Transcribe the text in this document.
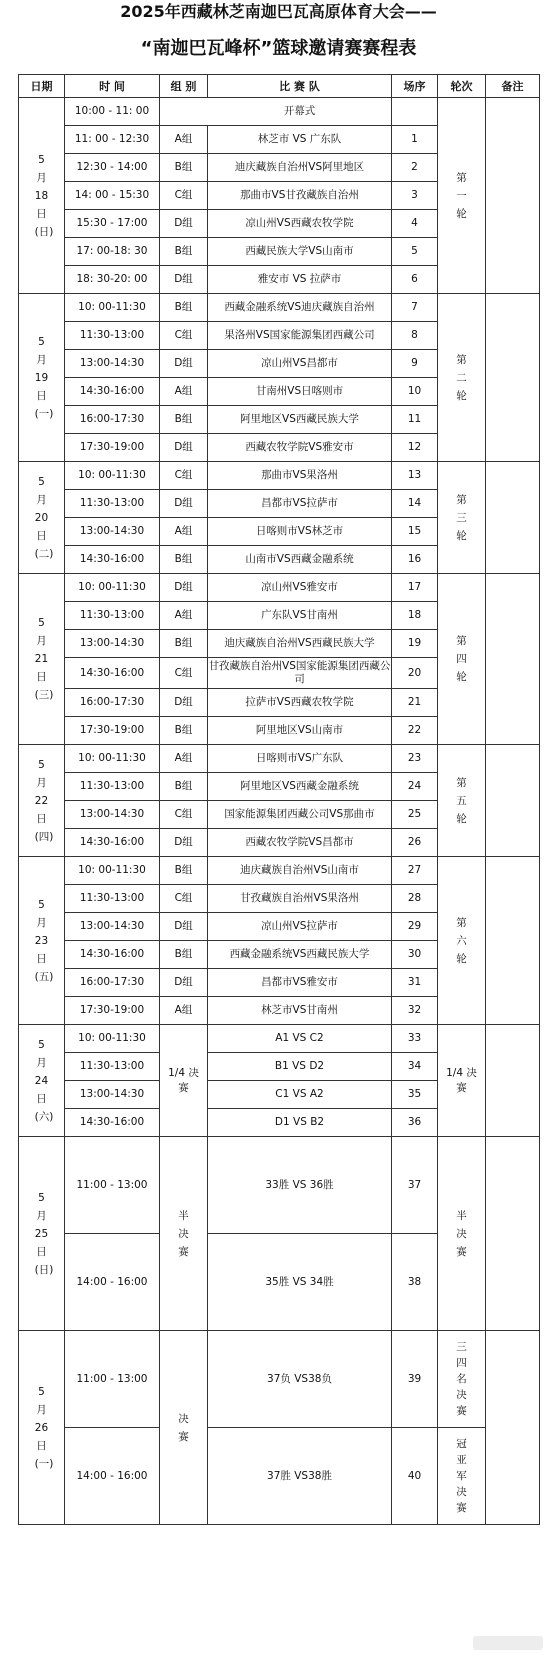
2025年西藏林芝南迦巴瓦高原体育大会——
“南迦巴瓦峰杯”篮球邀请赛赛程表
日期	时 间	组 别	比 赛 队	场序	轮次	备注
5 月 18 日 (日)	10:00 - 11: 00		开幕式		第 一 轮	
	11: 00 - 12:30	A组	林芝市 VS 广东队	1		
	12:30 - 14:00	B组	迪庆藏族自治州VS阿里地区	2		
	14: 00 - 15:30	C组	那曲市VS甘孜藏族自治州	3		
	15:30 - 17:00	D组	凉山州VS西藏农牧学院	4		
	17: 00-18: 30	B组	西藏民族大学VS山南市	5		
	18: 30-20: 00	D组	雅安市 VS 拉萨市	6		
5 月 19 日 (一)	10: 00-11:30	B组	西藏金融系统VS迪庆藏族自治州	7	第 二 轮	
	11:30-13:00	C组	果洛州VS国家能源集团西藏公司	8		
	13:00-14:30	D组	凉山州VS昌都市	9		
	14:30-16:00	A组	甘南州VS日喀则市	10		
	16:00-17:30	B组	阿里地区VS西藏民族大学	11		
	17:30-19:00	D组	西藏农牧学院VS雅安市	12		
5 月 20 日 (二)	10: 00-11:30	C组	那曲市VS果洛州	13	第 三 轮	
	11:30-13:00	D组	昌都市VS拉萨市	14		
	13:00-14:30	A组	日喀则市VS林芝市	15		
	14:30-16:00	B组	山南市VS西藏金融系统	16		
5 月 21 日 (三)	10: 00-11:30	D组	凉山州VS雅安市	17	第 四 轮	
	11:30-13:00	A组	广东队VS甘南州	18		
	13:00-14:30	B组	迪庆藏族自治州VS西藏民族大学	19		
	14:30-16:00	C组	甘孜藏族自治州VS国家能源集团西藏公司	20		
	16:00-17:30	D组	拉萨市VS西藏农牧学院	21		
	17:30-19:00	B组	阿里地区VS山南市	22		
5 月 22 日 (四)	10: 00-11:30	A组	日喀则市VS广东队	23	第 五 轮	
	11:30-13:00	B组	阿里地区VS西藏金融系统	24		
	13:00-14:30	C组	国家能源集团西藏公司VS那曲市	25		
	14:30-16:00	D组	西藏农牧学院VS昌都市	26		
5 月 23 日 (五)	10: 00-11:30	B组	迪庆藏族自治州VS山南市	27	第 六 轮	
	11:30-13:00	C组	甘孜藏族自治州VS果洛州	28		
	13:00-14:30	D组	凉山州VS拉萨市	29		
	14:30-16:00	B组	西藏金融系统VS西藏民族大学	30		
	16:00-17:30	D组	昌都市VS雅安市	31		
	17:30-19:00	A组	林芝市VS甘南州	32		
5 月 24 日 (六)	10: 00-11:30	1/4 决赛	A1 VS C2	33	1/4 决赛	
	11:30-13:00		B1 VS D2	34		
	13:00-14:30		C1 VS A2	35		
	14:30-16:00		D1 VS B2	36		
5 月 25 日 (日)	11:00 - 13:00	半 决 赛	33胜 VS 36胜	37	半 决 赛	
	14:00 - 16:00		35胜 VS 34胜	38		
5 月 26 日 (一)	11:00 - 13:00	决 赛	37负 VS38负	39	三 四 名 决 赛	
	14:00 - 16:00		37胜 VS38胜	40	冠 亚 军 决 赛	
